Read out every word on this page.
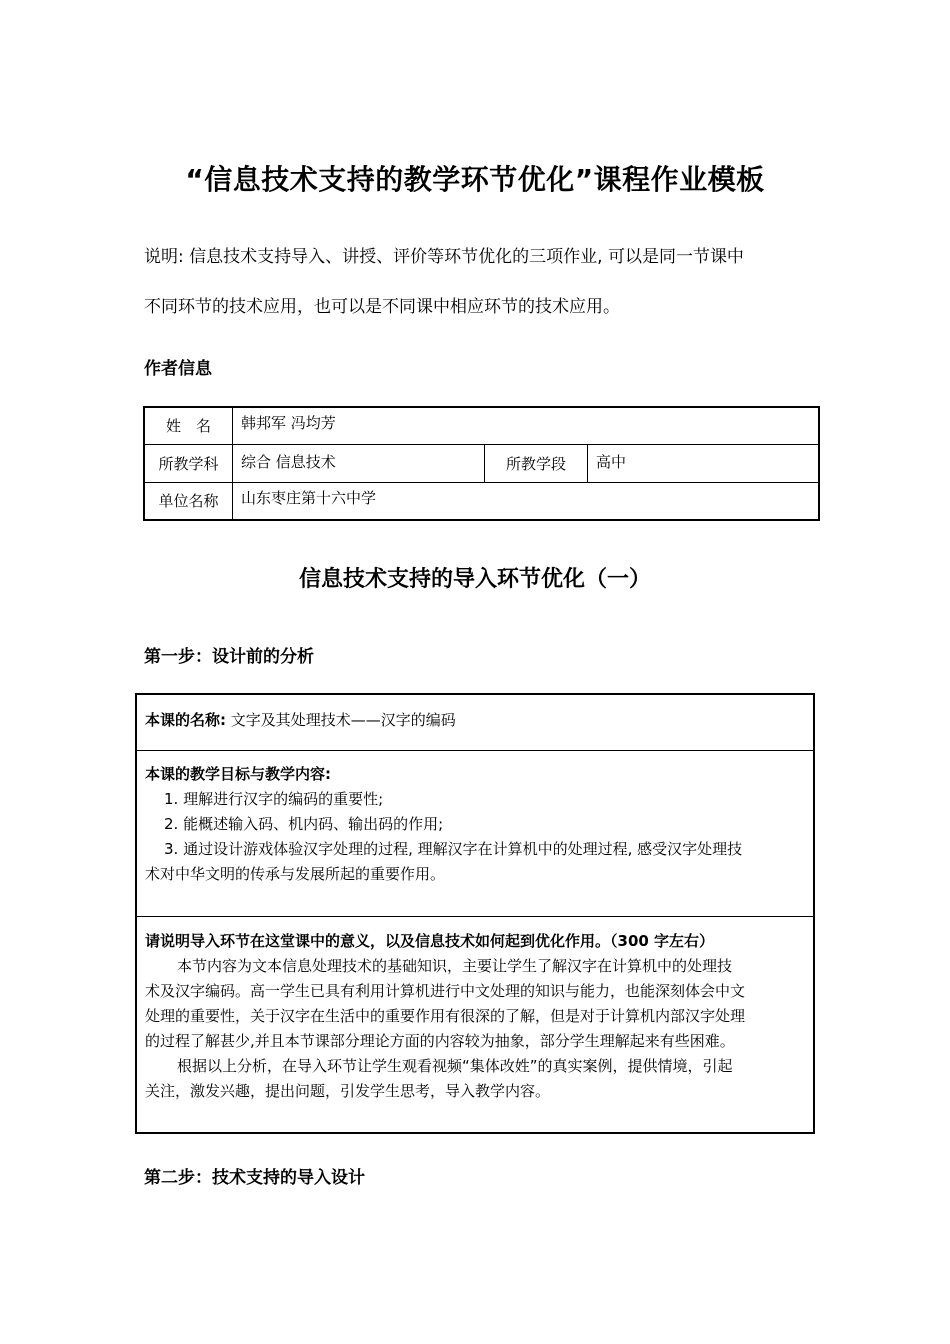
“信息技术支持的教学环节优化”课程作业模板
说明: 信息技术支持导入、讲授、评价等环节优化的三项作业, 可以是同一节课中
不同环节的技术应用，也可以是不同课中相应环节的技术应用。
作者信息
姓　名	韩邦军 冯均芳		
所教学科	综合 信息技术	所教学段	高中
单位名称	山东枣庄第十六中学		
信息技术支持的导入环节优化（一）
第一步：设计前的分析
本课的名称: 文字及其处理技术——汉字的编码
本课的教学目标与教学内容:
1. 理解进行汉字的编码的重要性;
2. 能概述输入码、机内码、输出码的作用;
3. 通过设计游戏体验汉字处理的过程, 理解汉字在计算机中的处理过程, 感受汉字处理技
术对中华文明的传承与发展所起的重要作用。
请说明导入环节在这堂课中的意义，以及信息技术如何起到优化作用。（300 字左右）
本节内容为文本信息处理技术的基础知识，主要让学生了解汉字在计算机中的处理技
术及汉字编码。高一学生已具有利用计算机进行中文处理的知识与能力，也能深刻体会中文
处理的重要性，关于汉字在生活中的重要作用有很深的了解，但是对于计算机内部汉字处理
的过程了解甚少,并且本节课部分理论方面的内容较为抽象，部分学生理解起来有些困难。
根据以上分析，在导入环节让学生观看视频“集体改姓”的真实案例，提供情境，引起
关注，激发兴趣，提出问题，引发学生思考，导入教学内容。
第二步：技术支持的导入设计
